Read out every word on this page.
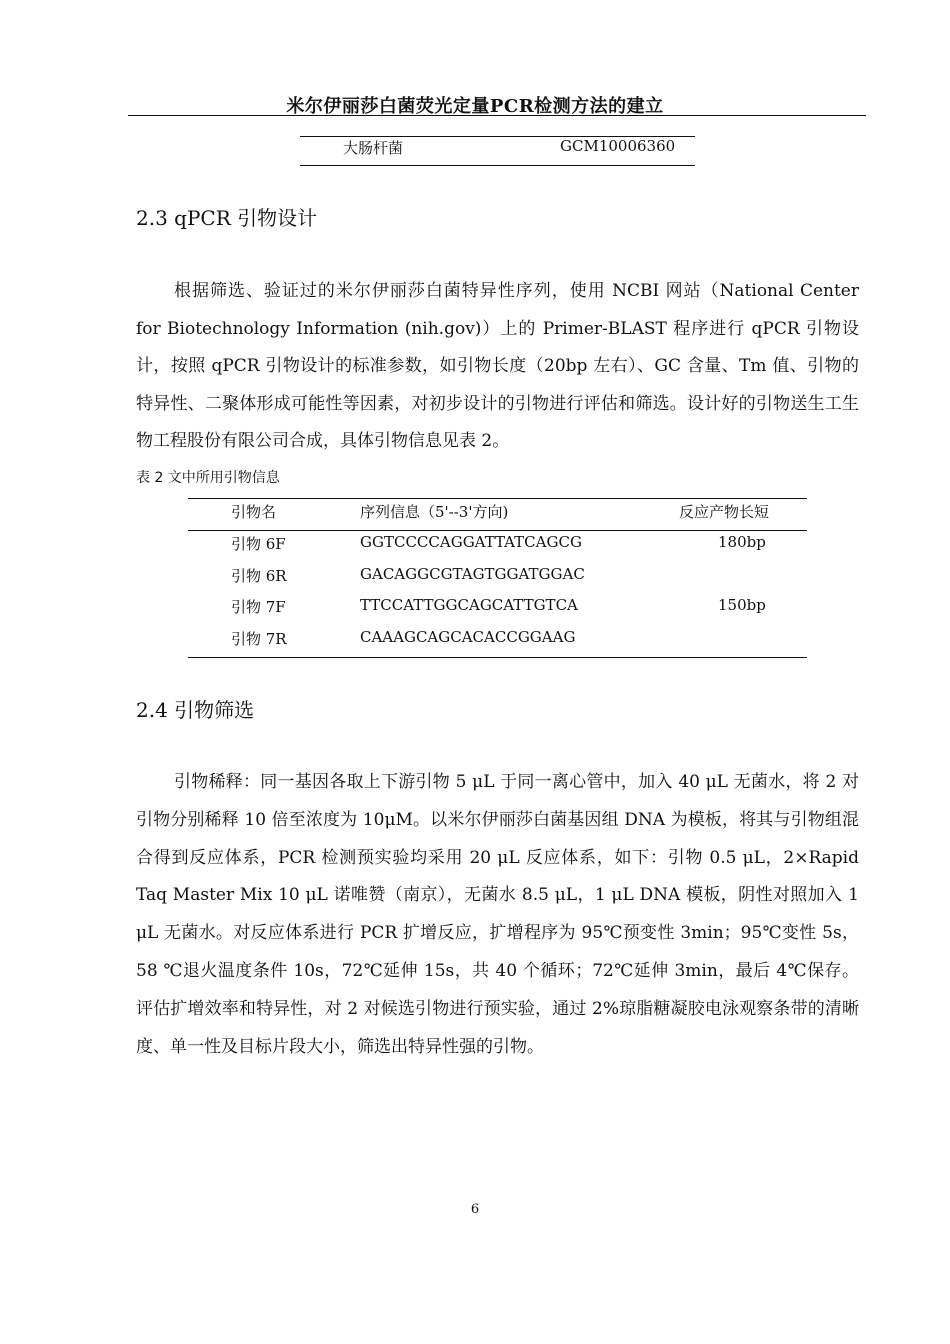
米尔伊丽莎白菌荧光定量PCR检测方法的建立
大肠杆菌	GCM10006360
2.3 qPCR 引物设计
根据筛选、验证过的米尔伊丽莎白菌特异性序列，使用 NCBI 网站（National Center for Biotechnology Information (nih.gov)）上的 Primer-BLAST 程序进行 qPCR 引物设计，按照 qPCR 引物设计的标准参数，如引物长度（20bp 左右）、GC 含量、Tm 值、引物的特异性、二聚体形成可能性等因素，对初步设计的引物进行评估和筛选。设计好的引物送生工生物工程股份有限公司合成，具体引物信息见表 2。
表 2 文中所用引物信息
引物名	序列信息（5'--3'方向)	反应产物长短
引物 6F	GGTCCCCAGGATTATCAGCG	180bp
引物 6R	GACAGGCGTAGTGGATGGAC
引物 7F	TTCCATTGGCAGCATTGTCA	150bp
引物 7R	CAAAGCAGCACACCGGAAG
2.4 引物筛选
引物稀释：同一基因各取上下游引物 5 μL 于同一离心管中，加入 40 μL 无菌水，将 2 对引物分别稀释 10 倍至浓度为 10μM。以米尔伊丽莎白菌基因组 DNA 为模板，将其与引物组混合得到反应体系，PCR 检测预实验均采用 20 μL 反应体系，如下：引物 0.5 μL，2×Rapid Taq Master Mix 10 μL 诺唯赞（南京），无菌水 8.5 μL，1 μL DNA 模板，阴性对照加入 1 μL 无菌水。对反应体系进行 PCR 扩增反应，扩增程序为 95℃预变性 3min；95℃变性 5s，58 ℃退火温度条件 10s，72℃延伸 15s，共 40 个循环；72℃延伸 3min，最后 4℃保存。评估扩增效率和特异性，对 2 对候选引物进行预实验，通过 2%琼脂糖凝胶电泳观察条带的清晰度、单一性及目标片段大小，筛选出特异性强的引物。
6
